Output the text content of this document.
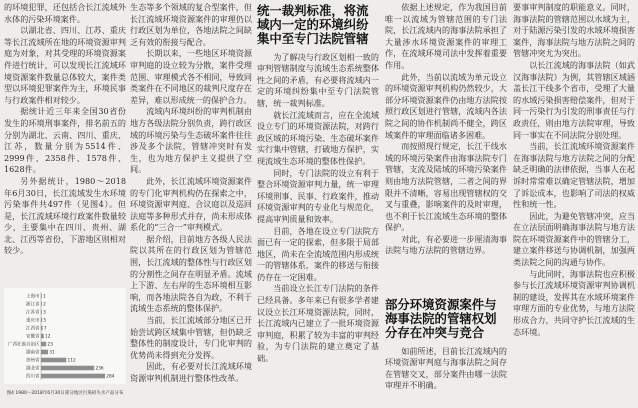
的环境犯罪，还包括合长江流域外水体的污染环境案件。

以湖北省、四川、江苏、重庆等长江流域所在地的环境资源审判庭为对象，对其受理的环境资源案件进行统计，可以发现长江流域环境资源案件数量总体较大，案件类型以环境犯罪案件为主，环境民事与行政案件相对较少。

据统计近三年来全国30省份发生的环境刑事案件，排名前五的分别为湖北、云南、四川、重庆、江苏，数量分别为5514件、2999件、2358件、1578件、1628件。

另外据统计，1980～2018年6月30日，长江流域发生水环境污染事件共497件（见图4）。但是，长江流域环境行政案件数量较少，主要集中在四川、贵州、湖北、江西等省份，下游地区则相对较少。

上海市 1
浙江省 2
江苏省 3
重庆市 5
江西省 7
安徽省 12
广西壮族自治区 23
湖南省 31
贵州省	112
湖北省	236
四川省	284
图4 1980～2018年6月30日部分地区污染损失水产品分布

生态等多个领域的复合型案件，但长江流域环境资源案件的审理仍以行政区划为单位，各地法院之间缺乏有效的衔接与配合。

长期以来，一些地区环境资源审判庭的设立较为分散，案件受理范围、审理模式各不相同，导致同类案件在不同地区的裁判尺度存在差异，难以形成统一的保护合力。

流域内环境纠纷的审判机制由地方各级法院分别负责，跨行政区域的环境污染与生态破坏案件往往涉及多个法院，管辖冲突时有发生，也为地方保护主义提供了空间。

此外，长江流域环境资源案件的专门化审判机构仍在探索之中，环境资源审判庭、合议庭以及巡回法庭等多种形式并存，尚未形成体系化的“三合一”审判模式。

据介绍，目前地方各级人民法院以其所在的行政区划为管辖范围，长江流域的整体性与行政区划的分割性之间存在明显矛盾。流域上下游、左右岸的生态环境相互影响，而各地法院各自为政，不利于流域生态系统的整体保护。

当前，长江流域部分地区已开始尝试跨区域集中管辖，但仍缺乏整体性的制度设计，专门化审判的优势尚未得到充分发挥。

因此，有必要对长江流域环境资源审判机制进行整体性改革。

统一裁判标准，将流域内一定的环境纠纷集中至专门法院管辖

为了解决与行政区划相一致的审判管辖制度与流域生态系统整体性之间的矛盾，有必要将流域内一定的环境纠纷集中至专门法院管辖，统一裁判标准。

就长江流域而言，应在全流域设立专门的环境资源法院，对跨行政区域的环境污染、生态破坏案件实行集中管辖，打破地方保护，实现流域生态环境的整体性保护。

同时，专门法院的设立有利于整合环境资源审判力量，统一审理环境刑事、民事、行政案件，推动环境资源审判的专业化与规范化，提高审判质量和效率。

目前，各地在设立专门法院方面已有一定的探索，但多限于局部地区，尚未在全流域范围内形成统一的管辖体系，案件的移送与衔接仍存在一定困难。

当前设立长江专门法院的条件已经具备。多年来已有很多学者建议设立长江环境资源法院，同时，长江流域内已建立了一批环境资源审判庭，积累了较为丰富的审判经验，为专门法院的建立奠定了基础。

依据上述规定，作为我国目前唯一以流域为管辖范围的专门法院，长江流域内的海事法院承担了大量涉水环境资源案件的审理工作，在流域环境司法中发挥着重要作用。

此外，当前以流域为单元设立的环境资源审判机构仍然较少，大部分环境资源案件仍由地方法院按照行政区划进行管辖，流域内各法院之间的协作机制尚不健全，跨区域案件的审理面临诸多困难。

而按照现行规定，长江干线水域的环境污染案件由海事法院专门管辖，支流及陆域的环境污染案件则由地方法院管辖，二者之间的界限并不清晰，容易出现管辖权的交叉与重叠，影响案件的及时审理，也不利于长江流域生态环境的整体保护。

对此，有必要进一步厘清海事法院与地方法院的管辖边界。

部分环境资源案件与海事法院的管辖权划分存在冲突与竞合

如前所述，目前长江流域内的环境资源审判庭与海事法院之间存在管辖交叉，部分案件由哪一法院审理并不明确。

要事审判制度的职能意义。同时，海事法院的管辖范围以水域为主，对于陆源污染引发的水域环境损害案件，海事法院与地方法院之间的管辖冲突尤为突出。

以长江流域的海事法院（如武汉海事法院）为例，其管辖区域涵盖长江干线多个省市，受理了大量的水域污染损害赔偿案件，但对于同一污染行为引发的刑事责任与行政责任，则由地方法院审理，导致同一事实在不同法院分别处理。

当前，长江流域环境资源案件在海事法院与地方法院之间的分配缺乏明确的法律依据，当事人在起诉时常常难以确定管辖法院，增加了诉讼成本，也影响了司法的权威性和统一性。

因此，为避免管辖冲突，应当在立法层面明确海事法院与地方法院在环境资源案件中的管辖分工，建立案件移送与协调机制，加强两类法院之间的沟通与协作。

与此同时，海事法院也应积极参与长江流域环境资源审判协调机制的建设，发挥其在水域环境案件审理方面的专业优势，与地方法院形成合力，共同守护长江流域的生态环境。
